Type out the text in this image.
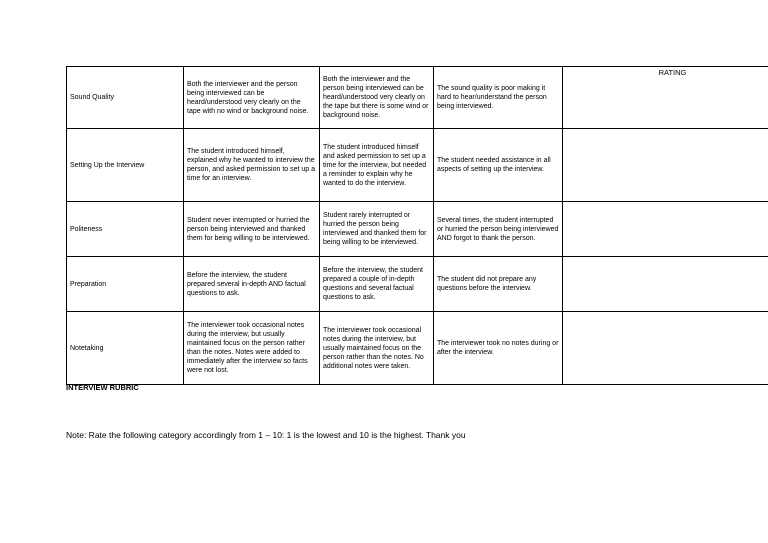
Sound Quality	Both the interviewer and the person being interviewed can be heard/understood very clearly on the tape with no wind or background noise.	Both the interviewer and the person being interviewed can be heard/understood very clearly on the tape but there is some wind or background noise.	The sound quality is poor making it hard to hear/understand the person being interviewed.	RATING

Setting Up the Interview	The student introduced himself, explained why he wanted to interview the person, and asked permission to set up a time for an interview.	The student introduced himself and asked permission to set up a time for the interview, but needed a reminder to explain why he wanted to do the interview.	The student needed assistance in all aspects of setting up the interview.	
Politeness	Student never interrupted or hurried the person being interviewed and thanked them for being willing to be interviewed.	Student rarely interrupted or hurried the person being interviewed and thanked them for being willing to be interviewed.	Several times, the student interrupted or hurried the person being interviewed AND forgot to thank the person.	
Preparation	Before the interview, the student prepared several in-depth AND factual questions to ask.	Before the interview, the student prepared a couple of in-depth questions and several factual questions to ask.	The student did not prepare any questions before the interview.	
Notetaking	The interviewer took occasional notes during the interview, but usually maintained focus on the person rather than the notes. Notes were added to immediately after the interview so facts were not lost.	The interviewer took occasional notes during the interview, but usually maintained focus on the person rather than the notes. No additional notes were taken.	The interviewer took no notes during or after the interview.	
INTERVIEW RUBRIC
Note: Rate the following category accordingly from 1 – 10: 1 is the lowest and 10 is the highest. Thank you
